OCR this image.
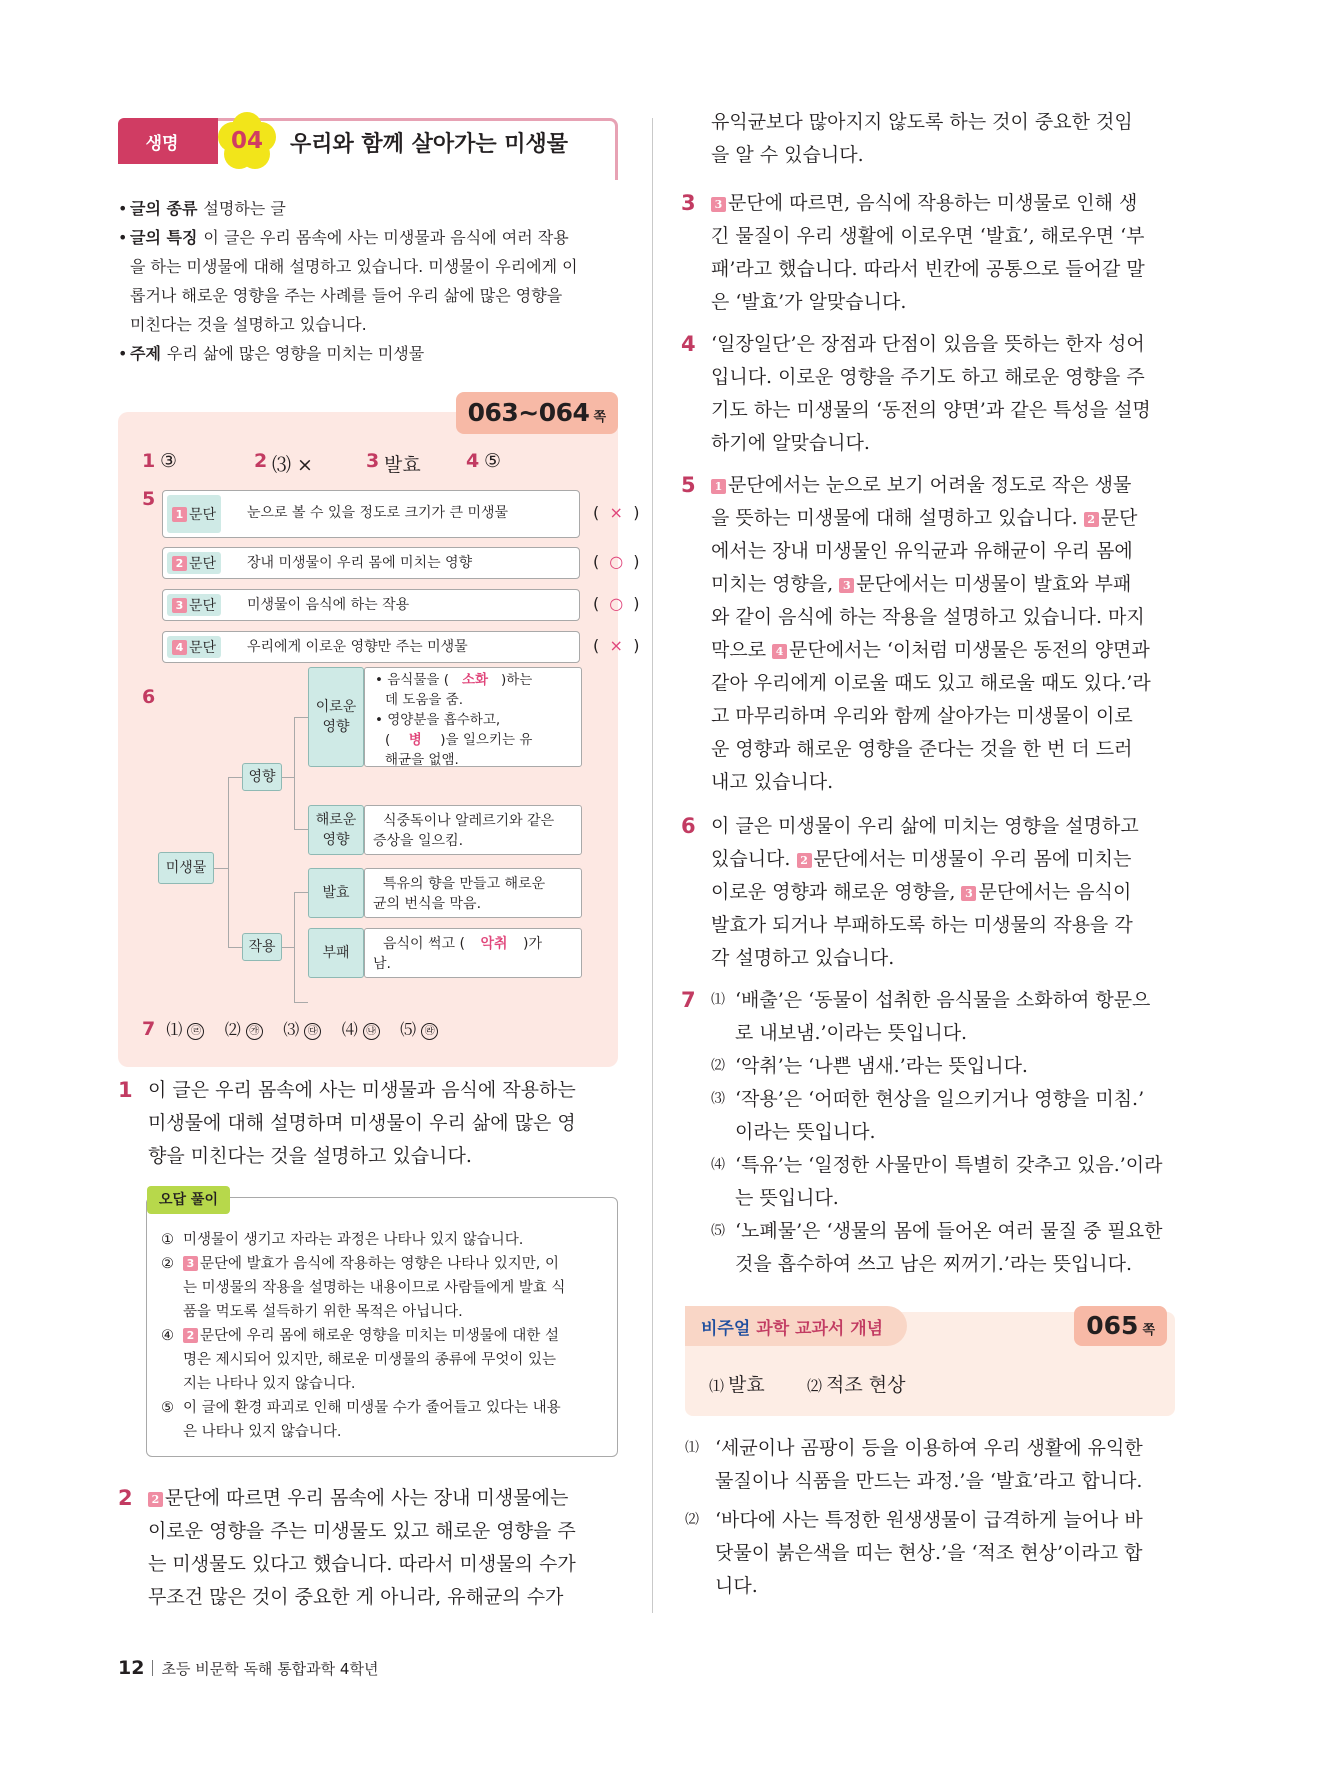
생명	04	우리와 함께 살아가는 미생물
• 글의 종류 설명하는 글
• 글의 특징 이 글은 우리 몸속에 사는 미생물과 음식에 여러 작용
을 하는 미생물에 대해 설명하고 있습니다. 미생물이 우리에게 이
롭거나 해로운 영향을 주는 사례를 들어 우리 삶에 많은 영향을
미친다는 것을 설명하고 있습니다.
• 주제 우리 삶에 많은 영향을 미치는 미생물
063~064 쪽
1 ③	2 ⑶ ×	3 발효 4 ⑤
5
1 문단	눈으로 볼 수 있을 정도로 크기가 큰 미생물	( × )
2 문단	장내 미생물이 우리 몸에 미치는 영향	( ○ )
3 문단	미생물이 음식에 하는 작용	( ○ )
4 문단	우리에게 이로운 영향만 주는 미생물	( × )
6
미생물
영향
작용
이로운
영향
• 음식물을 ( 소화 )하는
데 도움을 줌.
• 영양분을 흡수하고,
( 병 )을 일으키는 유
해균을 없앰.
해로운
영향
식중독이나 알레르기와 같은
증상을 일으킴.
발효
특유의 향을 만들고 해로운
균의 번식을 막음.
부패
음식이 썩고 ( 악취 )가
남.
7 ⑴ ㉣ ⑵ ㉮ ⑶ ㉰ ⑷ ㉯ ⑸ ㉱
1 이 글은 우리 몸속에 사는 미생물과 음식에 작용하는
미생물에 대해 설명하며 미생물이 우리 삶에 많은 영
향을 미친다는 것을 설명하고 있습니다.
오답 풀이
① 미생물이 생기고 자라는 과정은 나타나 있지 않습니다.
②	3 문단에 발효가 음식에 작용하는 영향은 나타나 있지만, 이
는 미생물의 작용을 설명하는 내용이므로 사람들에게 발효 식
품을 먹도록 설득하기 위한 목적은 아닙니다.
④	2 문단에 우리 몸에 해로운 영향을 미치는 미생물에 대한 설
명은 제시되어 있지만, 해로운 미생물의 종류에 무엇이 있는
지는 나타나 있지 않습니다.
⑤ 이 글에 환경 파괴로 인해 미생물 수가 줄어들고 있다는 내용
은 나타나 있지 않습니다.
2	2 문단에 따르면 우리 몸속에 사는 장내 미생물에는
이로운 영향을 주는 미생물도 있고 해로운 영향을 주
는 미생물도 있다고 했습니다. 따라서 미생물의 수가
무조건 많은 것이 중요한 게 아니라, 유해균의 수가
유익균보다 많아지지 않도록 하는 것이 중요한 것임
을 알 수 있습니다.
3	3 문단에 따르면, 음식에 작용하는 미생물로 인해 생
긴 물질이 우리 생활에 이로우면 ‘발효’, 해로우면 ‘부
패’라고 했습니다. 따라서 빈칸에 공통으로 들어갈 말
은 ‘발효’가 알맞습니다.
4 ‘일장일단’은 장점과 단점이 있음을 뜻하는 한자 성어
입니다. 이로운 영향을 주기도 하고 해로운 영향을 주
기도 하는 미생물의 ‘동전의 양면’과 같은 특성을 설명
하기에 알맞습니다.
5	1 문단에서는 눈으로 보기 어려울 정도로 작은 생물
을 뜻하는 미생물에 대해 설명하고 있습니다. 2 문단
에서는 장내 미생물인 유익균과 유해균이 우리 몸에
미치는 영향을, 3 문단에서는 미생물이 발효와 부패
와 같이 음식에 하는 작용을 설명하고 있습니다. 마지
막으로 4 문단에서는 ‘이처럼 미생물은 동전의 양면과
같아 우리에게 이로울 때도 있고 해로울 때도 있다.’라
고 마무리하며 우리와 함께 살아가는 미생물이 이로
운 영향과 해로운 영향을 준다는 것을 한 번 더 드러
내고 있습니다.
6 이 글은 미생물이 우리 삶에 미치는 영향을 설명하고
있습니다. 2 문단에서는 미생물이 우리 몸에 미치는
이로운 영향과 해로운 영향을, 3 문단에서는 음식이
발효가 되거나 부패하도록 하는 미생물의 작용을 각
각 설명하고 있습니다.
7 ⑴ ‘배출’은 ‘동물이 섭취한 음식물을 소화하여 항문으
로 내보냄.’이라는 뜻입니다.
⑵ ‘악취’는 ‘나쁜 냄새.’라는 뜻입니다.
⑶ ‘작용’은 ‘어떠한 현상을 일으키거나 영향을 미침.’
이라는 뜻입니다.
⑷ ‘특유’는 ‘일정한 사물만이 특별히 갖추고 있음.’이라
는 뜻입니다.
⑸ ‘노폐물’은 ‘생물의 몸에 들어온 여러 물질 중 필요한
것을 흡수하여 쓰고 남은 찌꺼기.’라는 뜻입니다.
비주얼 과학 교과서 개념	065 쪽
⑴ 발효	⑵ 적조 현상
⑴ ‘세균이나 곰팡이 등을 이용하여 우리 생활에 유익한
물질이나 식품을 만드는 과정.’을 ‘발효’라고 합니다.
⑵ ‘바다에 사는 특정한 원생생물이 급격하게 늘어나 바
닷물이 붉은색을 띠는 현상.’을 ‘적조 현상’이라고 합
니다.
12 초등 비문학 독해 통합과학 4학년
